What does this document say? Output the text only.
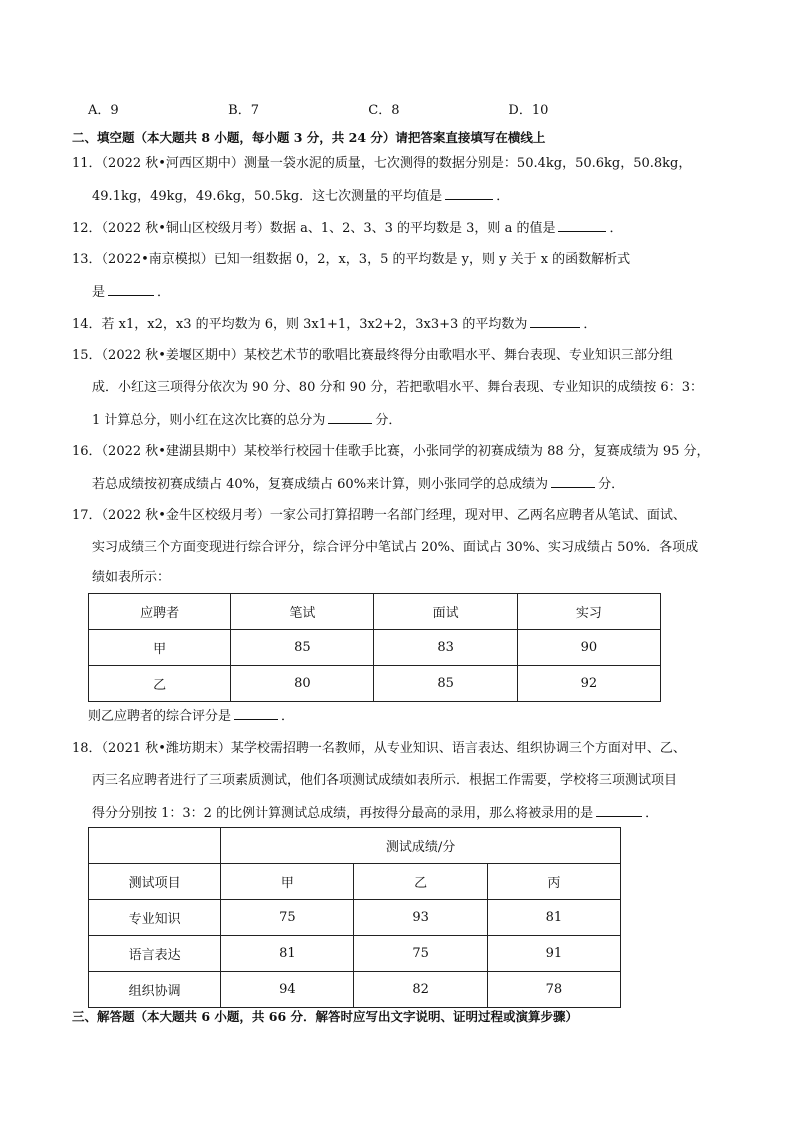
A．9	B．7	C．8	D．10
二、填空题（本大题共 8 小题，每小题 3 分，共 24 分）请把答案直接填写在横线上
11．（2022 秋•河西区期中）测量一袋水泥的质量，七次测得的数据分别是：50.4kg，50.6kg，50.8kg，
49.1kg，49kg，49.6kg，50.5kg．这七次测量的平均值是	．
12．（2022 秋•铜山区校级月考）数据 a、1、2、3、3 的平均数是 3，则 a 的值是	．
13．（2022•南京模拟）已知一组数据 0，2，x，3，5 的平均数是 y，则 y 关于 x 的函数解析式
是	．
14．若 x1，x2，x3 的平均数为 6，则 3x1+1，3x2+2，3x3+3 的平均数为	．
15．（2022 秋•姜堰区期中）某校艺术节的歌唱比赛最终得分由歌唱水平、舞台表现、专业知识三部分组
成．小红这三项得分依次为 90 分、80 分和 90 分，若把歌唱水平、舞台表现、专业知识的成绩按 6：3：
1 计算总分，则小红在这次比赛的总分为	分．
16．（2022 秋•建湖县期中）某校举行校园十佳歌手比赛，小张同学的初赛成绩为 88 分，复赛成绩为 95 分，
若总成绩按初赛成绩占 40%，复赛成绩占 60%来计算，则小张同学的总成绩为	分．
17．（2022 秋•金牛区校级月考）一家公司打算招聘一名部门经理，现对甲、乙两名应聘者从笔试、面试、
实习成绩三个方面变现进行综合评分，综合评分中笔试占 20%、面试占 30%、实习成绩占 50%．各项成
绩如表所示：
应聘者	笔试	面试	实习
甲	85	83	90
乙	80	85	92
则乙应聘者的综合评分是	．
18．（2021 秋•潍坊期末）某学校需招聘一名教师，从专业知识、语言表达、组织协调三个方面对甲、乙、
丙三名应聘者进行了三项素质测试，他们各项测试成绩如表所示．根据工作需要，学校将三项测试项目
得分分别按 1：3：2 的比例计算测试总成绩，再按得分最高的录用，那么将被录用的是	．
	测试成绩/分		
测试项目	甲	乙	丙
专业知识	75	93	81
语言表达	81	75	91
组织协调	94	82	78
三、解答题（本大题共 6 小题，共 66 分．解答时应写出文字说明、证明过程或演算步骤）
